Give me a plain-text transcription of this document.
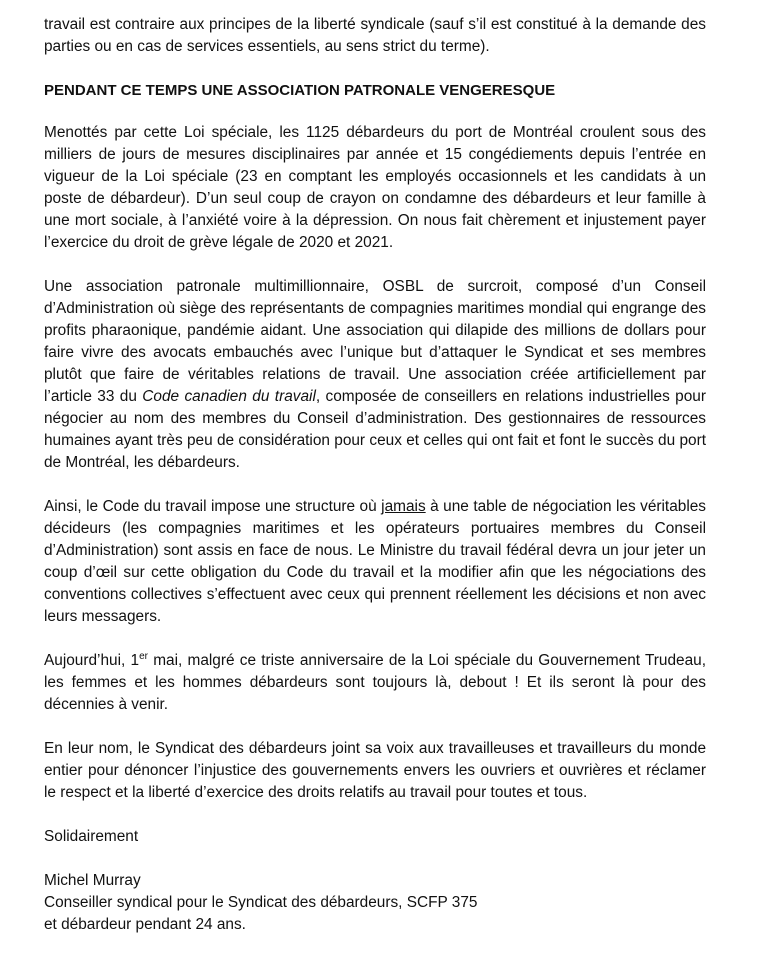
travail est contraire aux principes de la liberté syndicale (sauf s’il est constitué à la demande des parties ou en cas de services essentiels, au sens strict du terme).

PENDANT CE TEMPS UNE ASSOCIATION PATRONALE VENGERESQUE

Menottés par cette Loi spéciale, les 1125 débardeurs du port de Montréal croulent sous des milliers de jours de mesures disciplinaires par année et 15 congédiements depuis l’entrée en vigueur de la Loi spéciale (23 en comptant les employés occasionnels et les candidats à un poste de débardeur). D’un seul coup de crayon on condamne des débardeurs et leur famille à une mort sociale, à l’anxiété voire à la dépression. On nous fait chèrement et injustement payer l’exercice du droit de grève légale de 2020 et 2021.

Une association patronale multimillionnaire, OSBL de surcroit, composé d’un Conseil d’Administration où siège des représentants de compagnies maritimes mondial qui engrange des profits pharaonique, pandémie aidant. Une association qui dilapide des millions de dollars pour faire vivre des avocats embauchés avec l’unique but d’attaquer le Syndicat et ses membres plutôt que faire de véritables relations de travail. Une association créée artificiellement par l’article 33 du Code canadien du travail, composée de conseillers en relations industrielles pour négocier au nom des membres du Conseil d’administration. Des gestionnaires de ressources humaines ayant très peu de considération pour ceux et celles qui ont fait et font le succès du port de Montréal, les débardeurs.

Ainsi, le Code du travail impose une structure où jamais à une table de négociation les véritables décideurs (les compagnies maritimes et les opérateurs portuaires membres du Conseil d’Administration) sont assis en face de nous. Le Ministre du travail fédéral devra un jour jeter un coup d’œil sur cette obligation du Code du travail et la modifier afin que les négociations des conventions collectives s’effectuent avec ceux qui prennent réellement les décisions et non avec leurs messagers.

Aujourd’hui, 1er mai, malgré ce triste anniversaire de la Loi spéciale du Gouvernement Trudeau, les femmes et les hommes débardeurs sont toujours là, debout ! Et ils seront là pour des décennies à venir.

En leur nom, le Syndicat des débardeurs joint sa voix aux travailleuses et travailleurs du monde entier pour dénoncer l’injustice des gouvernements envers les ouvriers et ouvrières et réclamer le respect et la liberté d’exercice des droits relatifs au travail pour toutes et tous.

Solidairement

Michel Murray

Conseiller syndical pour le Syndicat des débardeurs, SCFP 375

et débardeur pendant 24 ans.
